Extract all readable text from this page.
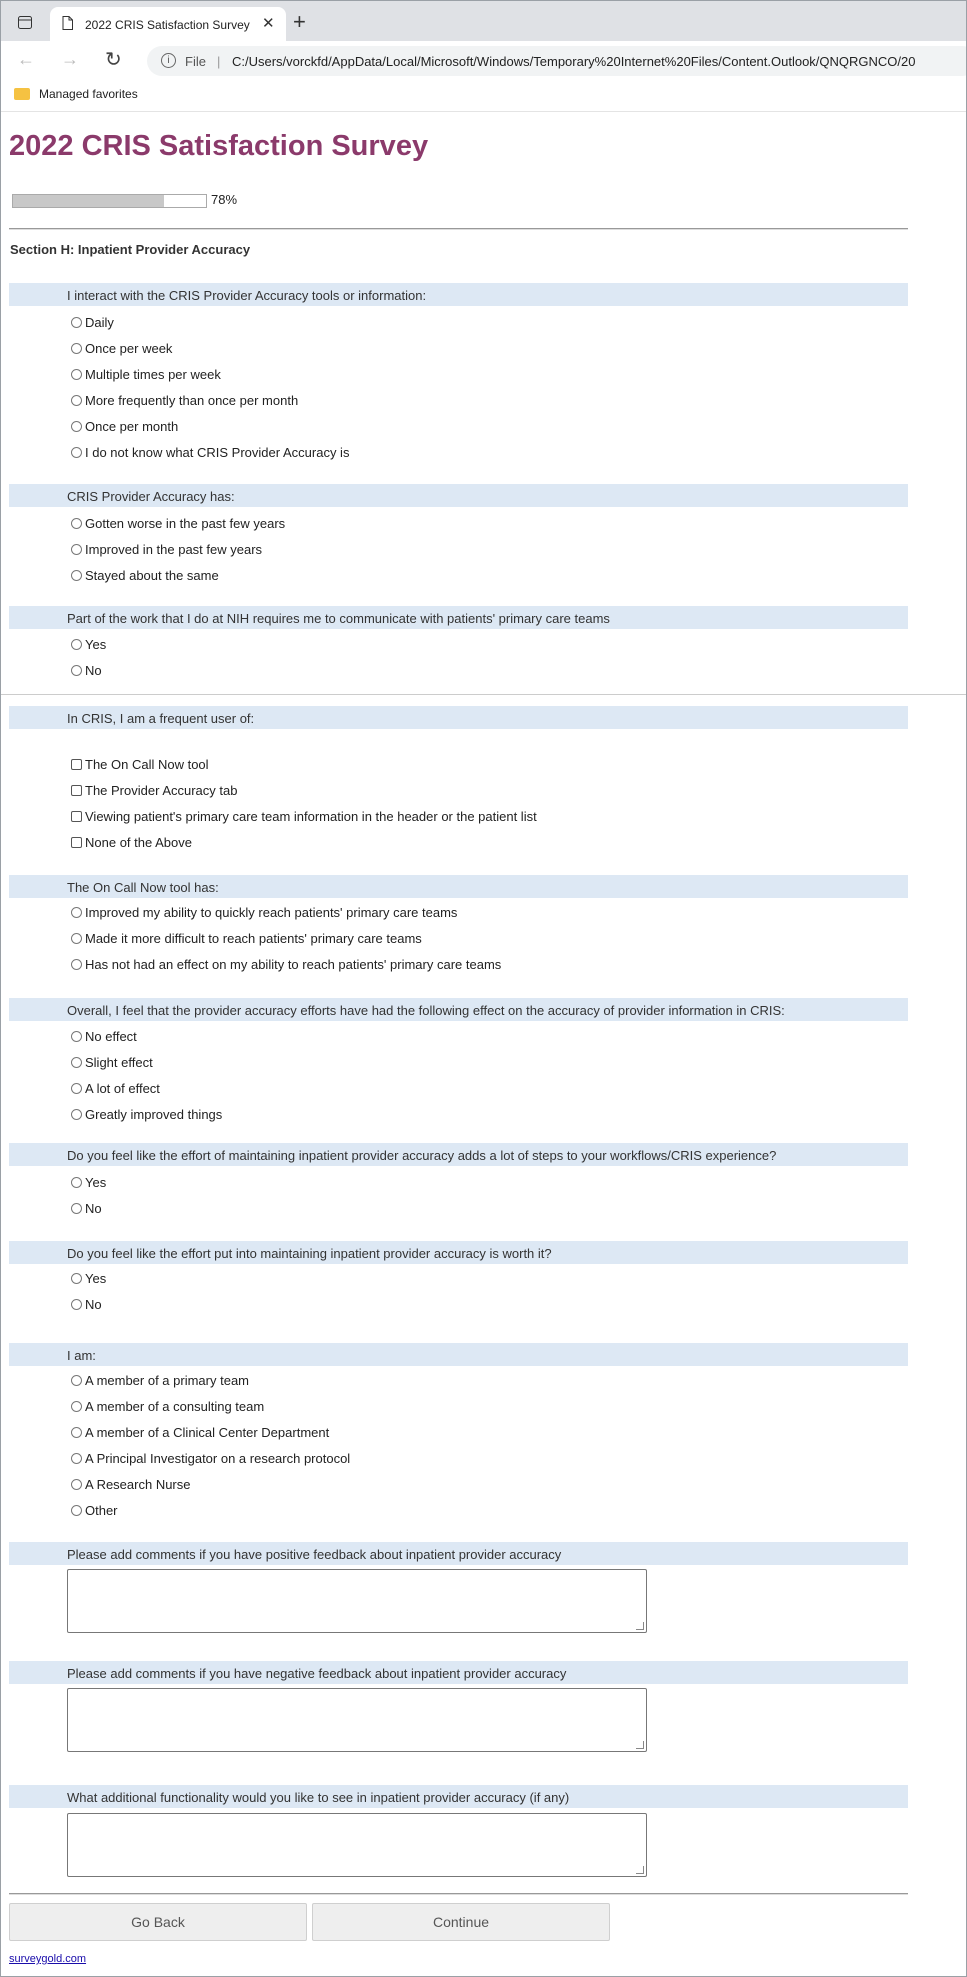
2022 CRIS Satisfaction Survey ✕ +
← → ↻	i	File | C:/Users/vorckfd/AppData/Local/Microsoft/Windows/Temporary%20Internet%20Files/Content.Outlook/QNQRGNCO/20
Managed favorites
2022 CRIS Satisfaction Survey
78%
Section H: Inpatient Provider Accuracy
I interact with the CRIS Provider Accuracy tools or information:
Daily
Once per week
Multiple times per week
More frequently than once per month
Once per month
I do not know what CRIS Provider Accuracy is
CRIS Provider Accuracy has:
Gotten worse in the past few years
Improved in the past few years
Stayed about the same
Part of the work that I do at NIH requires me to communicate with patients' primary care teams
Yes
No
In CRIS, I am a frequent user of:
The On Call Now tool
The Provider Accuracy tab
Viewing patient's primary care team information in the header or the patient list
None of the Above
The On Call Now tool has:
Improved my ability to quickly reach patients' primary care teams
Made it more difficult to reach patients' primary care teams
Has not had an effect on my ability to reach patients' primary care teams
Overall, I feel that the provider accuracy efforts have had the following effect on the accuracy of provider information in CRIS:
No effect
Slight effect
A lot of effect
Greatly improved things
Do you feel like the effort of maintaining inpatient provider accuracy adds a lot of steps to your workflows/CRIS experience?
Yes
No
Do you feel like the effort put into maintaining inpatient provider accuracy is worth it?
Yes
No
I am:
A member of a primary team
A member of a consulting team
A member of a Clinical Center Department
A Principal Investigator on a research protocol
A Research Nurse
Other
Please add comments if you have positive feedback about inpatient provider accuracy
Please add comments if you have negative feedback about inpatient provider accuracy
What additional functionality would you like to see in inpatient provider accuracy (if any)
Go Back	Continue
surveygold.com
